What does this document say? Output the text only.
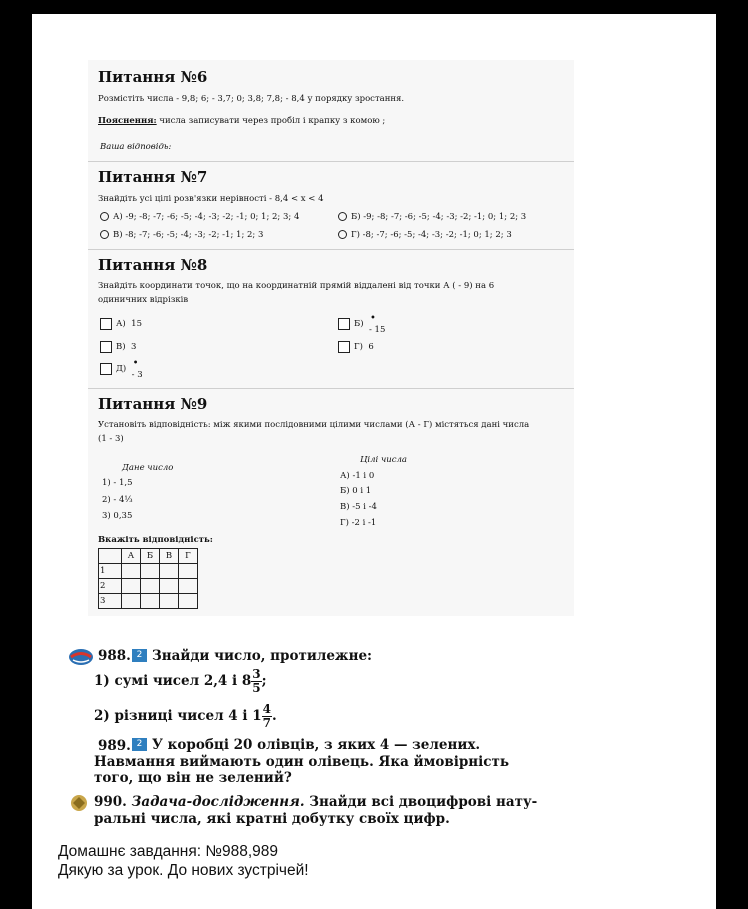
Питання №6
Розмістіть числа - 9,8; 6; - 3,7; 0; 3,8; 7,8; - 8,4 у порядку зростання.
Пояснення: числа записувати через пробіл і крапку з комою ;
Ваша відповідь:
Питання №7
Знайдіть усі цілі розв'язки нерівності - 8,4 < x < 4
А) -9; -8; -7; -6; -5; -4; -3; -2; -1; 0; 1; 2; 3; 4	Б) -9; -8; -7; -6; -5; -4; -3; -2; -1; 0; 1; 2; 3
В) -8; -7; -6; -5; -4; -3; -2; -1; 1; 2; 3	Г) -8; -7; -6; -5; -4; -3; -2; -1; 0; 1; 2; 3
Питання №8
Знайдіть координати точок, що на координатній прямій віддалені від точки А ( - 9) на 6
одиничних відрізків
А) 15	Б) •
- 15
В) 3	Г) 6
Д) •
- 3
Питання №9
Установіть відповідність: між якими послідовними цілими числами (А - Г) містяться дані числа
(1 - 3)
Дане число
1) - 1,5
2) - 4⅓
3) 0,35
Цілі числа
А) -1 і 0
Б) 0 і 1
В) -5 і -4
Г) -2 і -1
Вкажіть відповідність:
	А	Б	В	Г
1				
2				
3				
988. 2 Знайди число, протилежне:
1) сумі чисел 2,4 і $8 \frac{3}{5}$ ;
2) різниці чисел 4 і $1 \frac{4}{7}$ .
989. 2 У коробці 20 олівців, з яких 4 — зелених.
Навмання виймають один олівець. Яка ймовірність
того, що він не зелений?
990. Задача-дослідження. Знайди всі двоцифрові нату-
ральні числа, які кратні добутку своїх цифр.
Домашнє завдання: №988,989
Дякую за урок. До нових зустрічей!
